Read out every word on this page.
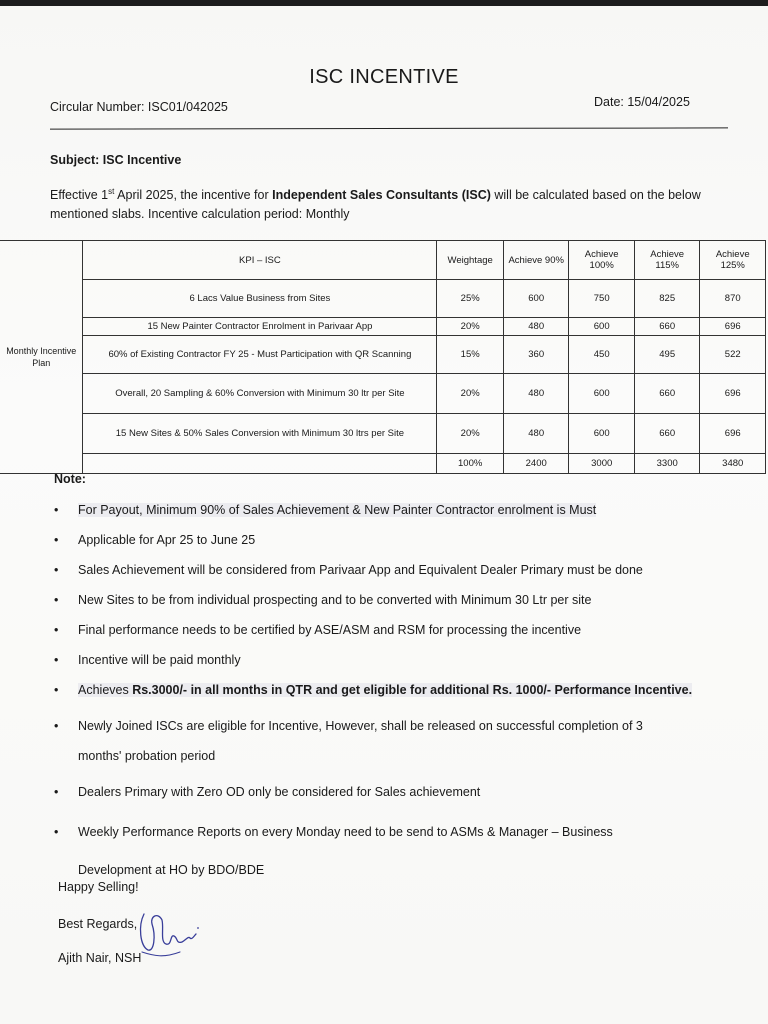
ISC INCENTIVE
Circular Number: ISC01/042025	Date: 15/04/2025
Subject: ISC Incentive
Effective 1st April 2025, the incentive for Independent Sales Consultants (ISC) will be calculated based on the below mentioned slabs. Incentive calculation period: Monthly
Monthly Incentive Plan	KPI – ISC	Weightage	Achieve 90%	Achieve 100%	Achieve 115%	Achieve 125%
	6 Lacs Value Business from Sites	25%	600	750	825	870
	15 New Painter Contractor Enrolment in Parivaar App	20%	480	600	660	696
	60% of Existing Contractor FY 25 - Must Participation with QR Scanning	15%	360	450	495	522
	Overall, 20 Sampling & 60% Conversion with Minimum 30 ltr per Site	20%	480	600	660	696
	15 New Sites & 50% Sales Conversion with Minimum 30 ltrs per Site	20%	480	600	660	696
		100%	2400	3000	3300	3480
Note:
• For Payout, Minimum 90% of Sales Achievement & New Painter Contractor enrolment is Must
• Applicable for Apr 25 to June 25
• Sales Achievement will be considered from Parivaar App and Equivalent Dealer Primary must be done
• New Sites to be from individual prospecting and to be converted with Minimum 30 Ltr per site
• Final performance needs to be certified by ASE/ASM and RSM for processing the incentive
• Incentive will be paid monthly
• Achieves Rs.3000/- in all months in QTR and get eligible for additional Rs. 1000/- Performance Incentive.
• Newly Joined ISCs are eligible for Incentive, However, shall be released on successful completion of 3
months' probation period
• Dealers Primary with Zero OD only be considered for Sales achievement
• Weekly Performance Reports on every Monday need to be send to ASMs & Manager – Business
Development at HO by BDO/BDE
Happy Selling!
Best Regards,
Ajith Nair, NSH
